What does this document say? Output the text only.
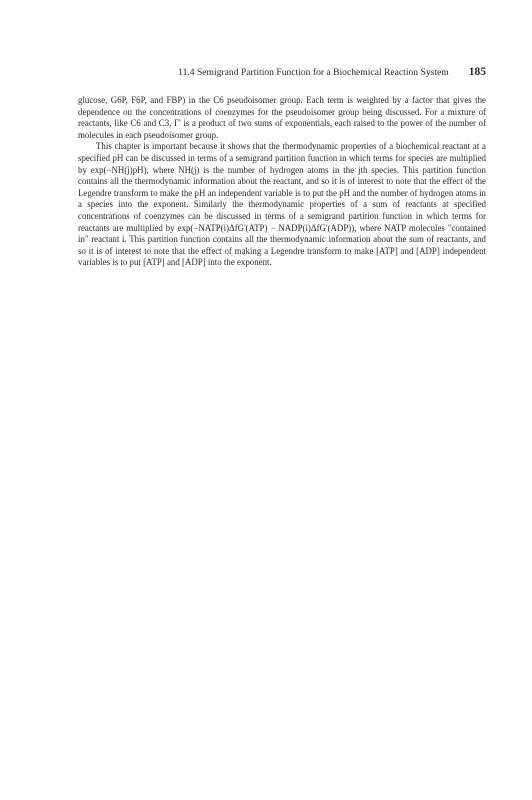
11.4 Semigrand Partition Function for a Biochemical Reaction System 185

glucose, G6P, F6P, and FBP) in the C6 pseudoisomer group. Each term is weighted by a factor that gives the dependence on the concentrations of coenzymes for the pseudoisomer group being discussed. For a mixture of reactants, like C6 and C3, Γ' is a product of two sums of exponentials, each raised to the power of the number of molecules in each pseudoisomer group.

This chapter is important because it shows that the thermodynamic properties of a biochemical reactant at a specified pH can be discussed in terms of a semigrand partition function in which terms for species are multiplied by exp(−NH(j)pH), where NH(j) is the number of hydrogen atoms in the jth species. This partition function contains all the thermodynamic information about the reactant, and so it is of interest to note that the effect of the Legendre transform to make the pH an independent variable is to put the pH and the number of hydrogen atoms in a species into the exponent. Similarly the thermodynamic properties of a sum of reactants at specified concentrations of coenzymes can be discussed in terms of a semigrand partition function in which terms for reactants are multiplied by exp(−NATP(i)ΔfG'(ATP) − NADP(i)ΔfG'(ADP)), where NATP molecules "contained in" reactant i. This partition function contains all the thermodynamic information about the sum of reactants, and so it is of interest to note that the effect of making a Legendre transform to make [ATP] and [ADP] independent variables is to put [ATP] and [ADP] into the exponent.
